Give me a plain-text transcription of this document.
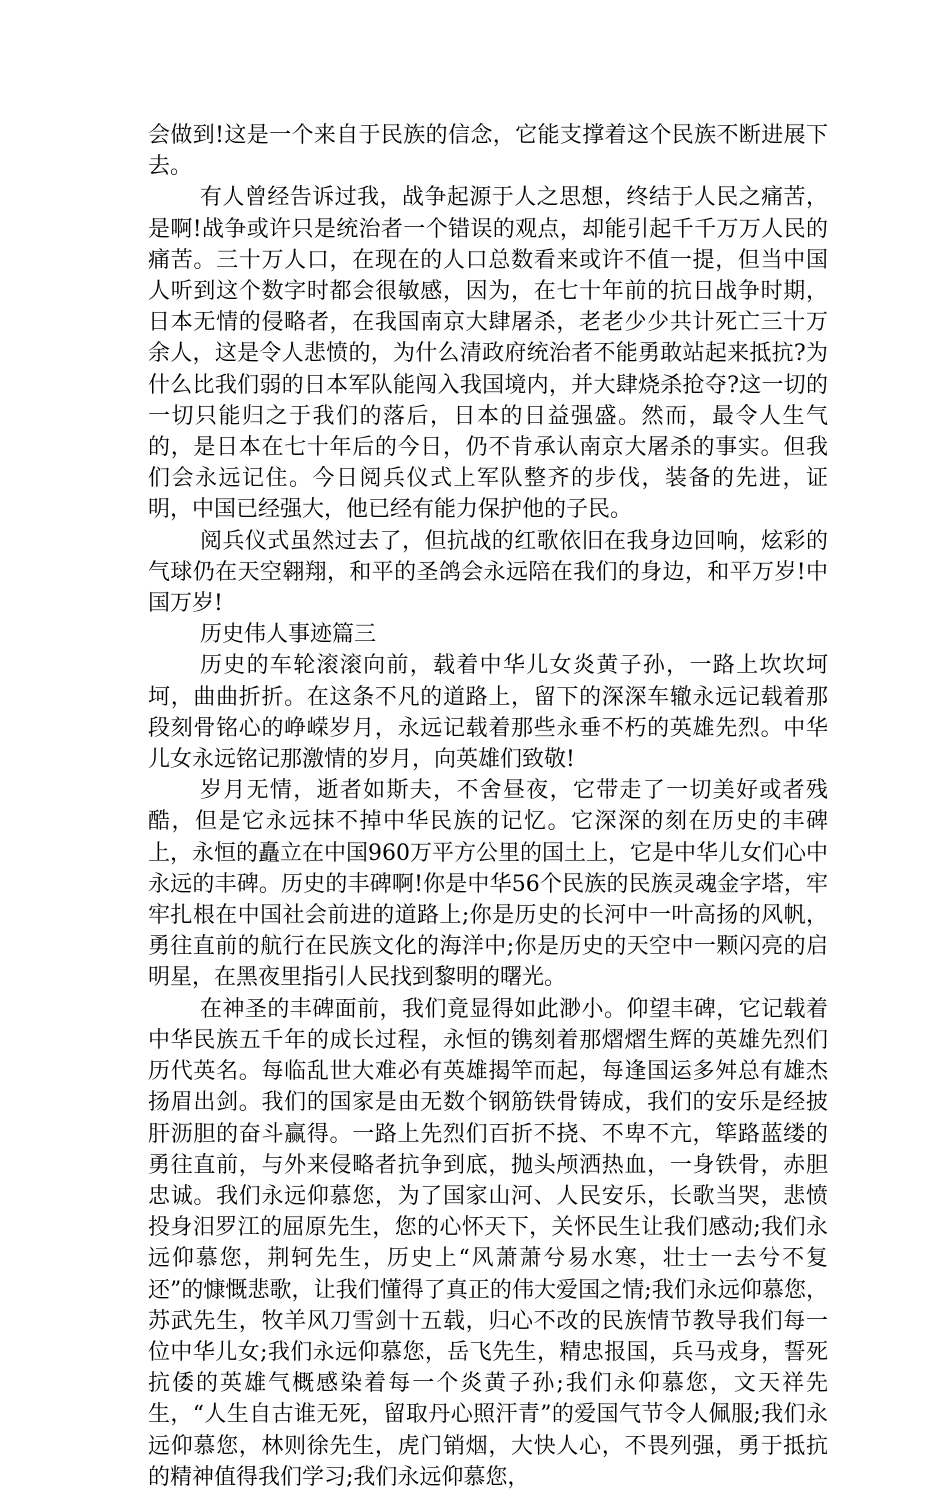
会做到!这是一个来自于民族的信念，它能支撑着这个民族不断进展下去。

有人曾经告诉过我，战争起源于人之思想，终结于人民之痛苦，是啊!战争或许只是统治者一个错误的观点，却能引起千千万万人民的痛苦。三十万人口，在现在的人口总数看来或许不值一提，但当中国人听到这个数字时都会很敏感，因为，在七十年前的抗日战争时期，日本无情的侵略者，在我国南京大肆屠杀，老老少少共计死亡三十万余人，这是令人悲愤的，为什么清政府统治者不能勇敢站起来抵抗?为什么比我们弱的日本军队能闯入我国境内，并大肆烧杀抢夺?这一切的一切只能归之于我们的落后，日本的日益强盛。然而，最令人生气的，是日本在七十年后的今日，仍不肯承认南京大屠杀的事实。但我们会永远记住。今日阅兵仪式上军队整齐的步伐，装备的先进，证明，中国已经强大，他已经有能力保护他的子民。

阅兵仪式虽然过去了，但抗战的红歌依旧在我身边回响，炫彩的气球仍在天空翱翔，和平的圣鸽会永远陪在我们的身边，和平万岁!中国万岁!

历史伟人事迹篇三

历史的车轮滚滚向前，载着中华儿女炎黄子孙，一路上坎坎坷坷，曲曲折折。在这条不凡的道路上，留下的深深车辙永远记载着那段刻骨铭心的峥嵘岁月，永远记载着那些永垂不朽的英雄先烈。中华儿女永远铭记那激情的岁月，向英雄们致敬!

岁月无情，逝者如斯夫，不舍昼夜，它带走了一切美好或者残酷，但是它永远抹不掉中华民族的记忆。它深深的刻在历史的丰碑上，永恒的矗立在中国960万平方公里的国土上，它是中华儿女们心中永远的丰碑。历史的丰碑啊!你是中华56个民族的民族灵魂金字塔，牢牢扎根在中国社会前进的道路上;你是历史的长河中一叶高扬的风帆，勇往直前的航行在民族文化的海洋中;你是历史的天空中一颗闪亮的启明星，在黑夜里指引人民找到黎明的曙光。

在神圣的丰碑面前，我们竟显得如此渺小。仰望丰碑，它记载着中华民族五千年的成长过程，永恒的镌刻着那熠熠生辉的英雄先烈们历代英名。每临乱世大难必有英雄揭竿而起，每逢国运多舛总有雄杰扬眉出剑。我们的国家是由无数个钢筋铁骨铸成，我们的安乐是经披肝沥胆的奋斗赢得。一路上先烈们百折不挠、不卑不亢，筚路蓝缕的勇往直前，与外来侵略者抗争到底，抛头颅洒热血，一身铁骨，赤胆忠诚。我们永远仰慕您，为了国家山河、人民安乐，长歌当哭，悲愤投身汨罗江的屈原先生，您的心怀天下，关怀民生让我们感动;我们永远仰慕您，荆轲先生，历史上“风萧萧兮易水寒，壮士一去兮不复还”的慷慨悲歌，让我们懂得了真正的伟大爱国之情;我们永远仰慕您，苏武先生，牧羊风刀雪剑十五载，归心不改的民族情节教导我们每一位中华儿女;我们永远仰慕您，岳飞先生，精忠报国，兵马戎身，誓死抗倭的英雄气概感染着每一个炎黄子孙;我们永仰慕您，文天祥先生，“人生自古谁无死，留取丹心照汗青”的爱国气节令人佩服;我们永远仰慕您，林则徐先生，虎门销烟，大快人心，不畏列强，勇于抵抗的精神值得我们学习;我们永远仰慕您，
